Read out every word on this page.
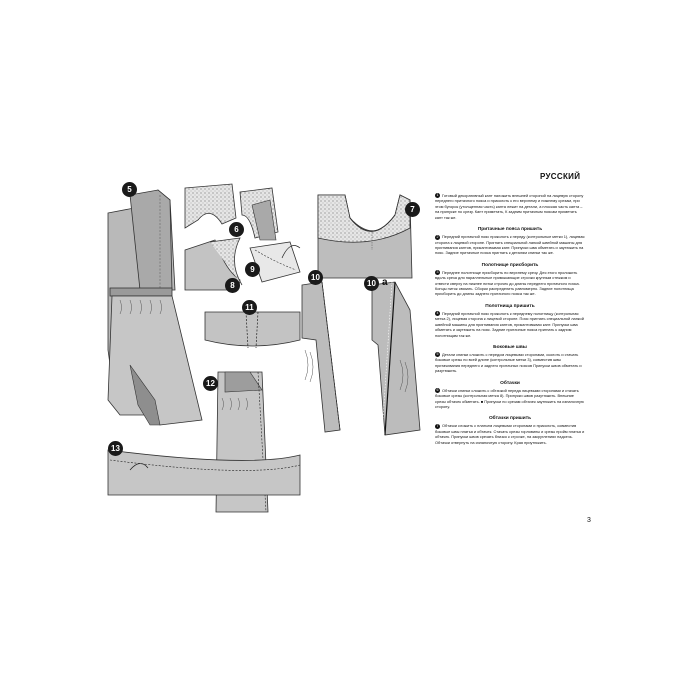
5
6
7
8
9
10
10 a
11
12
13
РУССКИЙ

1 Готовый декоративный кант наложить внешней стороной на лицевую сторону переднего притачного пояса и приколоть к его верхнему и нижнему срезам, при этом бугорок (утолщенная часть) канта лежит на детали, а плоская часть канта – на припуске по срезу. Кант приметать, К задним притачным поясам приметать кант так же.

Притачные пояса пришить

2 Передний притачной пояс приколоть к переду (контрольные метки 1), лицевая сторона к лицевой стороне. Пригнать специальной лапкой швейной машины для пригнивания кантов, прикантовывая кант. Припуски шва обметать и заутюжить на пояс. Задние притачные пояса пригнать к деталям спинки так же.

Полотнище присборить

3 Переднее полотнище присборить по верхнему срезу. Для этого проложить вдоль среза для параллельные примыкающие строчки крупным стежком и отвести сверху на нижнее нитки строчек до длины переднего притачного пояса. Концы ниток связать. Сборки распределить равномерно. Задние полотнища присборить до длины заднего притачного пояса так же.

Полотнища пришить

4 Передний притачной пояс приколоть к переднему полотнищу (контрольная метка 2), лицевая сторона к лицевой стороне. Пояс пригнать специальной лапкой швейной машины для пригнивания кантов, прикантовывая кант. Припуски шва обметать и заутюжить на пояс. Задние притачные пояса пригнать к задним полотнищам так же.

Боковые швы

5 Детали спинки сложить с передом лицевыми сторонами, сколоть и стачать боковые срезы по всей длине (контрольные метки 3), совместив швы притачивания переднего и заднего притачных поясов Припуски швов обметать и разутюжить.

Обтачки

6 Обтачки спинки сложить с обтачкой переда лицевыми сторонами и стачать боковые срезы (контрольная метка 8). Припуски швов разутюжить. Внешние срезы обтачек обметать. ■ Припуски по срезам обтачек заутюжить на изнаночную сторону.

Обтачки пришить

7 Обтачки сложить с платьем лицевыми сторонами и приколоть, совместив боковые швы платья и обтачек. Стачать срезы горловины и срезы пройм платья и обтачек. Припуски швов срезать близко к строчке, на закруглениях надсечь. Обтачки отвернуть на изнаночную сторону. Края приутюжить.

3
